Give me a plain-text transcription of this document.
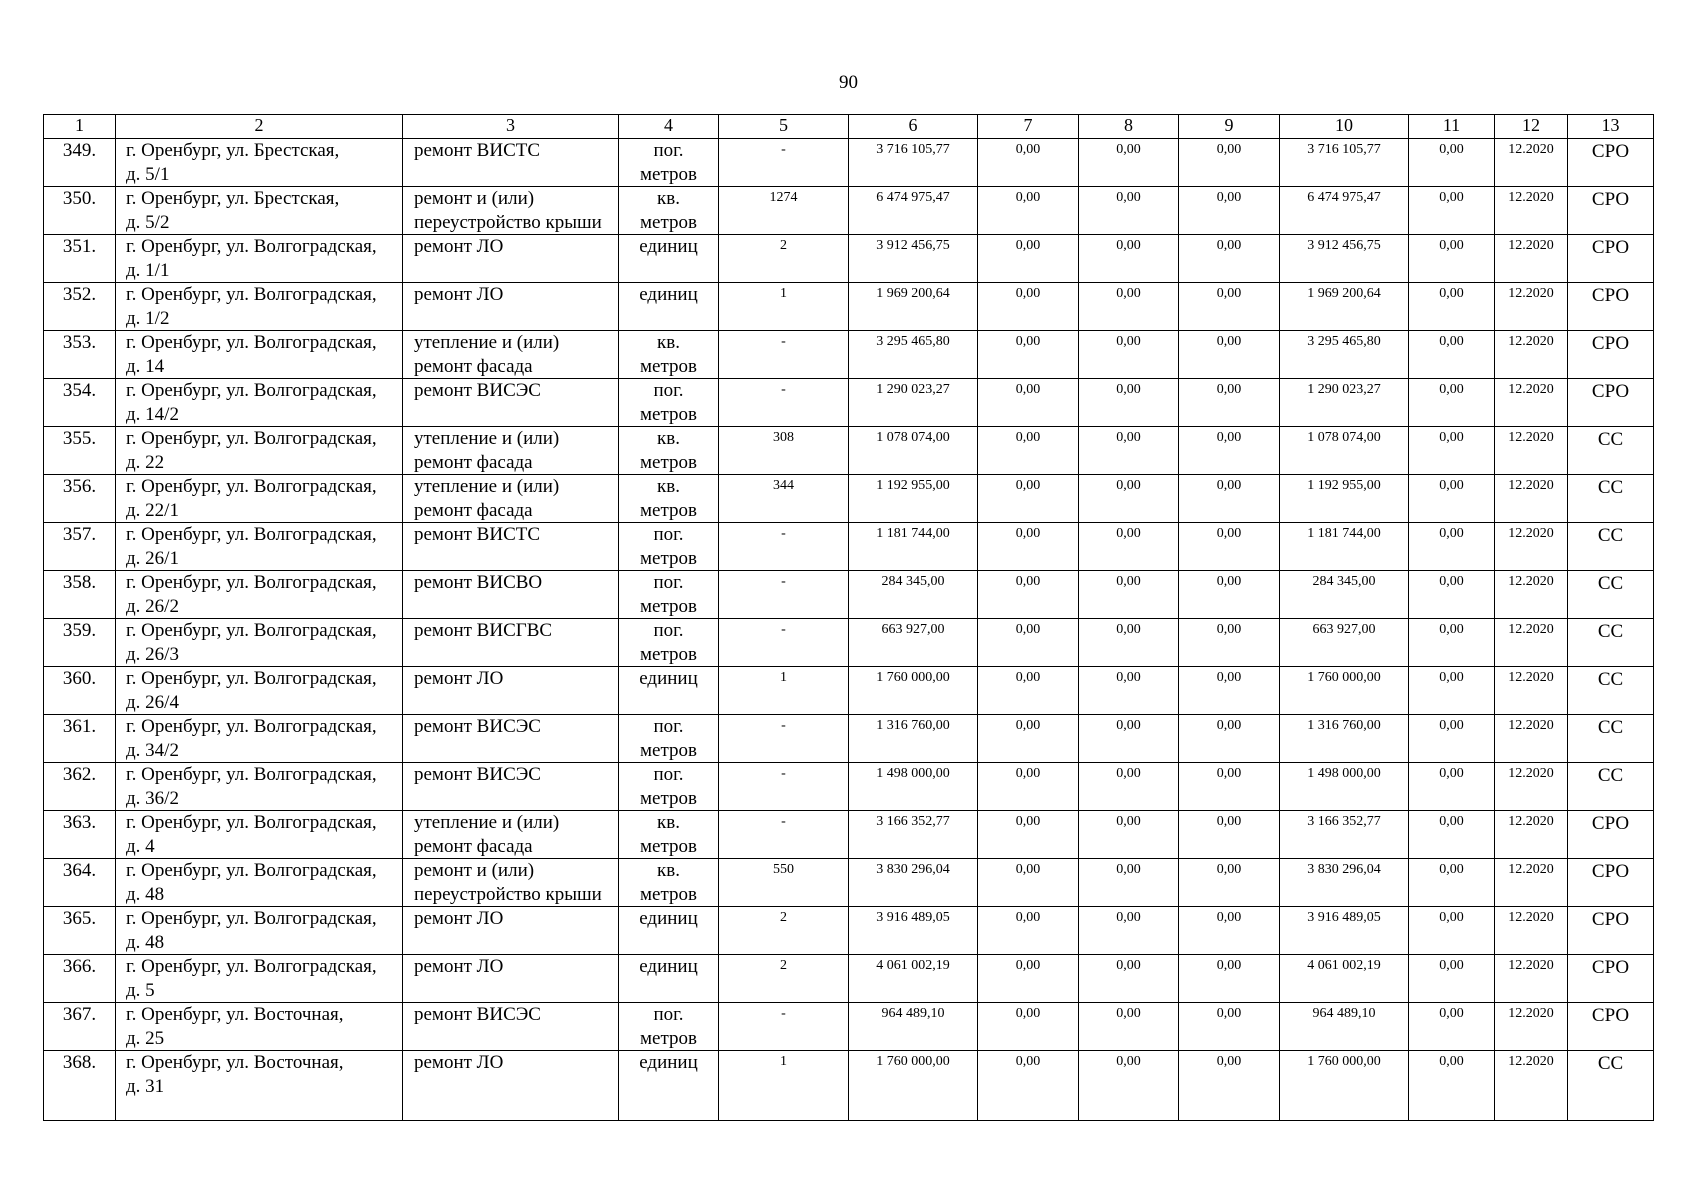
90
1	2	3	4	5	6	7	8	9	10	11	12	13

349.	г. Оренбург, ул. Брестская,
д. 5/1	ремонт ВИСТС	пог.
метров	-	3 716 105,77	0,00	0,00	0,00	3 716 105,77	0,00	12.2020	СРО

350.	г. Оренбург, ул. Брестская,
д. 5/2	ремонт и (или)
переустройство крыши	кв.
метров	1274	6 474 975,47	0,00	0,00	0,00	6 474 975,47	0,00	12.2020	СРО

351.	г. Оренбург, ул. Волгоградская,
д. 1/1	ремонт ЛО	единиц	2	3 912 456,75	0,00	0,00	0,00	3 912 456,75	0,00	12.2020	СРО

352.	г. Оренбург, ул. Волгоградская,
д. 1/2	ремонт ЛО	единиц	1	1 969 200,64	0,00	0,00	0,00	1 969 200,64	0,00	12.2020	СРО

353.	г. Оренбург, ул. Волгоградская,
д. 14	утепление и (или)
ремонт фасада	кв.
метров	-	3 295 465,80	0,00	0,00	0,00	3 295 465,80	0,00	12.2020	СРО

354.	г. Оренбург, ул. Волгоградская,
д. 14/2	ремонт ВИСЭС	пог.
метров	-	1 290 023,27	0,00	0,00	0,00	1 290 023,27	0,00	12.2020	СРО

355.	г. Оренбург, ул. Волгоградская,
д. 22	утепление и (или)
ремонт фасада	кв.
метров	308	1 078 074,00	0,00	0,00	0,00	1 078 074,00	0,00	12.2020	СС

356.	г. Оренбург, ул. Волгоградская,
д. 22/1	утепление и (или)
ремонт фасада	кв.
метров	344	1 192 955,00	0,00	0,00	0,00	1 192 955,00	0,00	12.2020	СС

357.	г. Оренбург, ул. Волгоградская,
д. 26/1	ремонт ВИСТС	пог.
метров	-	1 181 744,00	0,00	0,00	0,00	1 181 744,00	0,00	12.2020	СС

358.	г. Оренбург, ул. Волгоградская,
д. 26/2	ремонт ВИСВО	пог.
метров	-	284 345,00	0,00	0,00	0,00	284 345,00	0,00	12.2020	СС

359.	г. Оренбург, ул. Волгоградская,
д. 26/3	ремонт ВИСГВС	пог.
метров	-	663 927,00	0,00	0,00	0,00	663 927,00	0,00	12.2020	СС

360.	г. Оренбург, ул. Волгоградская,
д. 26/4	ремонт ЛО	единиц	1	1 760 000,00	0,00	0,00	0,00	1 760 000,00	0,00	12.2020	СС

361.	г. Оренбург, ул. Волгоградская,
д. 34/2	ремонт ВИСЭС	пог.
метров	-	1 316 760,00	0,00	0,00	0,00	1 316 760,00	0,00	12.2020	СС

362.	г. Оренбург, ул. Волгоградская,
д. 36/2	ремонт ВИСЭС	пог.
метров	-	1 498 000,00	0,00	0,00	0,00	1 498 000,00	0,00	12.2020	СС

363.	г. Оренбург, ул. Волгоградская,
д. 4	утепление и (или)
ремонт фасада	кв.
метров	-	3 166 352,77	0,00	0,00	0,00	3 166 352,77	0,00	12.2020	СРО

364.	г. Оренбург, ул. Волгоградская,
д. 48	ремонт и (или)
переустройство крыши	кв.
метров	550	3 830 296,04	0,00	0,00	0,00	3 830 296,04	0,00	12.2020	СРО

365.	г. Оренбург, ул. Волгоградская,
д. 48	ремонт ЛО	единиц	2	3 916 489,05	0,00	0,00	0,00	3 916 489,05	0,00	12.2020	СРО

366.	г. Оренбург, ул. Волгоградская,
д. 5	ремонт ЛО	единиц	2	4 061 002,19	0,00	0,00	0,00	4 061 002,19	0,00	12.2020	СРО

367.	г. Оренбург, ул. Восточная,
д. 25	ремонт ВИСЭС	пог.
метров	-	964 489,10	0,00	0,00	0,00	964 489,10	0,00	12.2020	СРО

368.	г. Оренбург, ул. Восточная,
д. 31	ремонт ЛО	единиц	1	1 760 000,00	0,00	0,00	0,00	1 760 000,00	0,00	12.2020	СС
